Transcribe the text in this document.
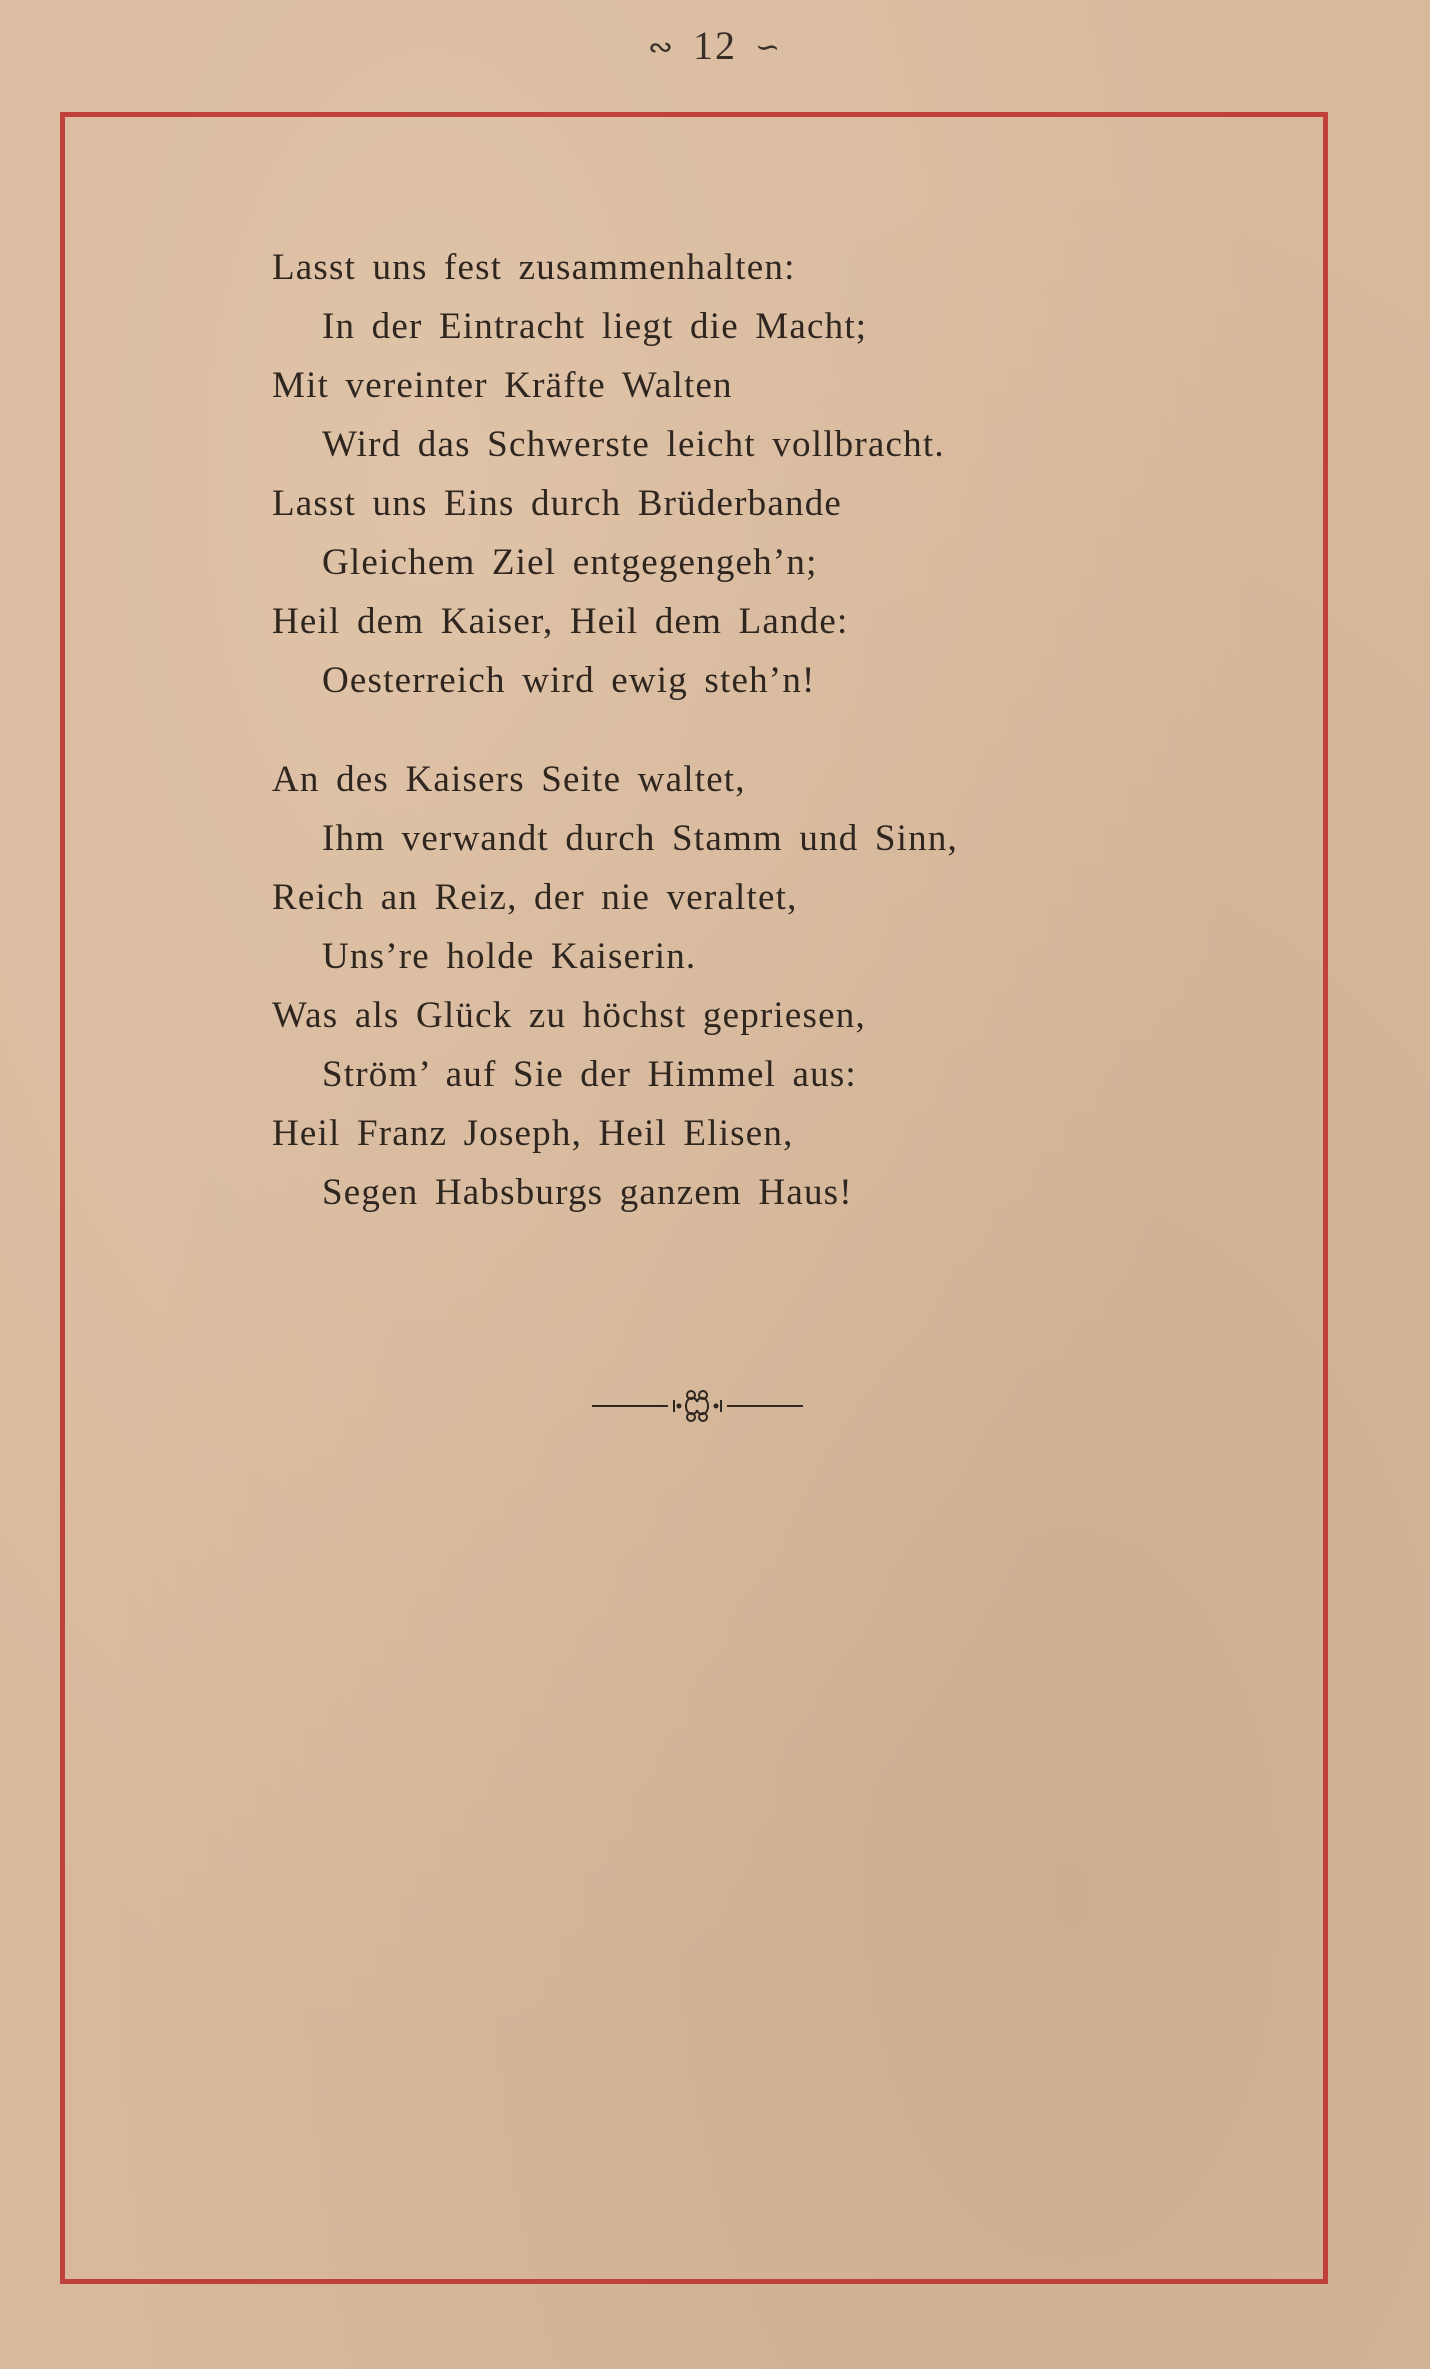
∾ 12 ∽
Lasst uns fest zusammenhalten:
In der Eintracht liegt die Macht;
Mit vereinter Kräfte Walten
Wird das Schwerste leicht vollbracht.
Lasst uns Eins durch Brüderbande
Gleichem Ziel entgegengeh’n;
Heil dem Kaiser, Heil dem Lande:
Oesterreich wird ewig steh’n!
An des Kaisers Seite waltet,
Ihm verwandt durch Stamm und Sinn,
Reich an Reiz, der nie veraltet,
Uns’re holde Kaiserin.
Was als Glück zu höchst gepriesen,
Ström’ auf Sie der Himmel aus:
Heil Franz Joseph, Heil Elisen,
Segen Habsburgs ganzem Haus!
